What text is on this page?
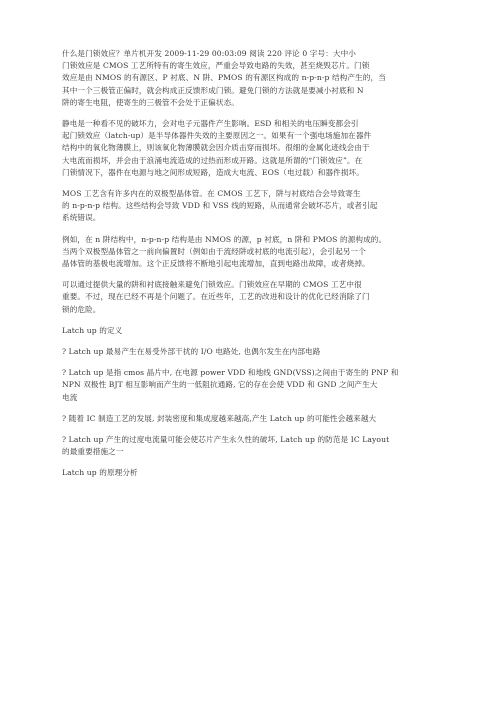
什么是门锁效应？单片机开发 2009-11-29 00:03:09 阅读 220 评论 0 字号：大中小
门锁效应是 CMOS 工艺所特有的寄生效应，严重会导致电路的失效，甚至烧毁芯片。门锁
效应是由 NMOS 的有源区、P 衬底、N 阱、PMOS 的有源区构成的 n-p-n-p 结构产生的，当
其中一个三极管正偏时，就会构成正反馈形成门锁。避免门锁的方法就是要减小衬底和 N
阱的寄生电阻，使寄生的三极管不会处于正偏状态。
静电是一种看不见的破坏力，会对电子元器件产生影响。ESD 和相关的电压瞬变都会引
起门锁效应（latch-up）是半导体器件失效的主要原因之一。如果有一个强电场施加在器件
结构中的氧化物薄膜上，则该氧化物薄膜就会因介质击穿而损坏。很细的金属化迹线会由于
大电流而损坏，并会由于浪涌电流造成的过热而形成开路。这就是所谓的“门锁效应”。在
门锁情况下，器件在电源与地之间形成短路，造成大电流、EOS（电过载）和器件损坏。
MOS 工艺含有许多内在的双极型晶体管。在 CMOS 工艺下，阱与衬底结合会导致寄生
的 n-p-n-p 结构。这些结构会导致 VDD 和 VSS 线的短路，从而通常会破坏芯片，或者引起
系统错误。
例如，在 n 阱结构中，n-p-n-p 结构是由 NMOS 的源，p 衬底，n 阱和 PMOS 的源构成的。
当两个双极型晶体管之一前向偏置时（例如由于流经阱或衬底的电流引起），会引起另一个
晶体管的基极电流增加。这个正反馈将不断地引起电流增加，直到电路出故障，或者烧掉。
可以通过提供大量的阱和衬底接触来避免门锁效应。门锁效应在早期的 CMOS 工艺中很
重要。不过，现在已经不再是个问题了。在近些年，工艺的改进和设计的优化已经消除了门
锁的危险。
Latch up 的定义
? Latch up 最易产生在易受外部干扰的 I/O 电路处, 也偶尔发生在内部电路
? Latch up 是指 cmos 晶片中, 在电源 power VDD 和地线 GND(VSS)之间由于寄生的 PNP 和
NPN 双极性 BJT 相互影响而产生的一低阻抗通路, 它的存在会使 VDD 和 GND 之间产生大
电流
? 随着 IC 制造工艺的发展, 封装密度和集成度越来越高,产生 Latch up 的可能性会越来越大
? Latch up 产生的过度电流量可能会使芯片产生永久性的破坏, Latch up 的防范是 IC Layout
的最重要措施之一
Latch up 的原理分析
